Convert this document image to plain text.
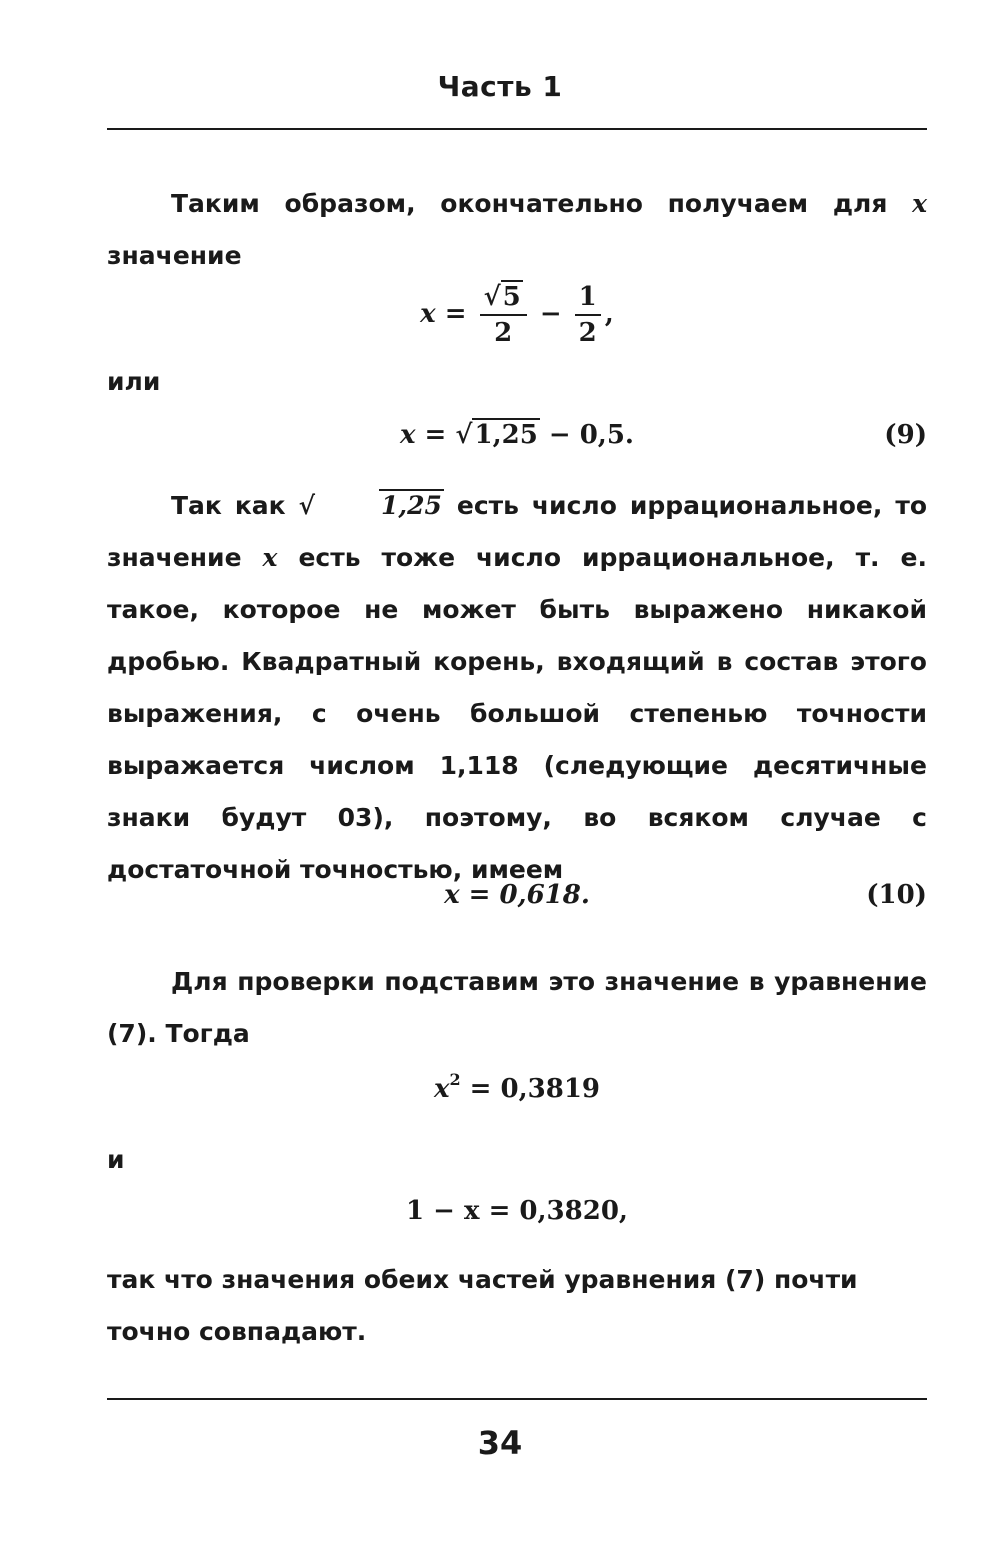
Часть 1
Таким образом, окончательно получаем для x значение
$x = \frac{√5}{2} - \frac{1}{2}$ ,
или
x = √1,25 − 0,5.	(9)
Так как √	1,25 есть число иррациональное, то значение x есть тоже число иррациональное, т. е. такое, которое не может быть выражено никакой дробью. Квадратный корень, входящий в состав этого выражения, с очень большой степенью точности выражается числом 1,118 (следующие десятичные знаки будут 03), поэтому, во всяком случае с достаточной точностью, имеем
x = 0,618.	(10)
Для проверки подставим это значение в уравнение (7). Тогда
$x^2 = 0,3819$
и
1 − x = 0,3820,
так что значения обеих частей уравнения (7) почти точно совпадают.
34
